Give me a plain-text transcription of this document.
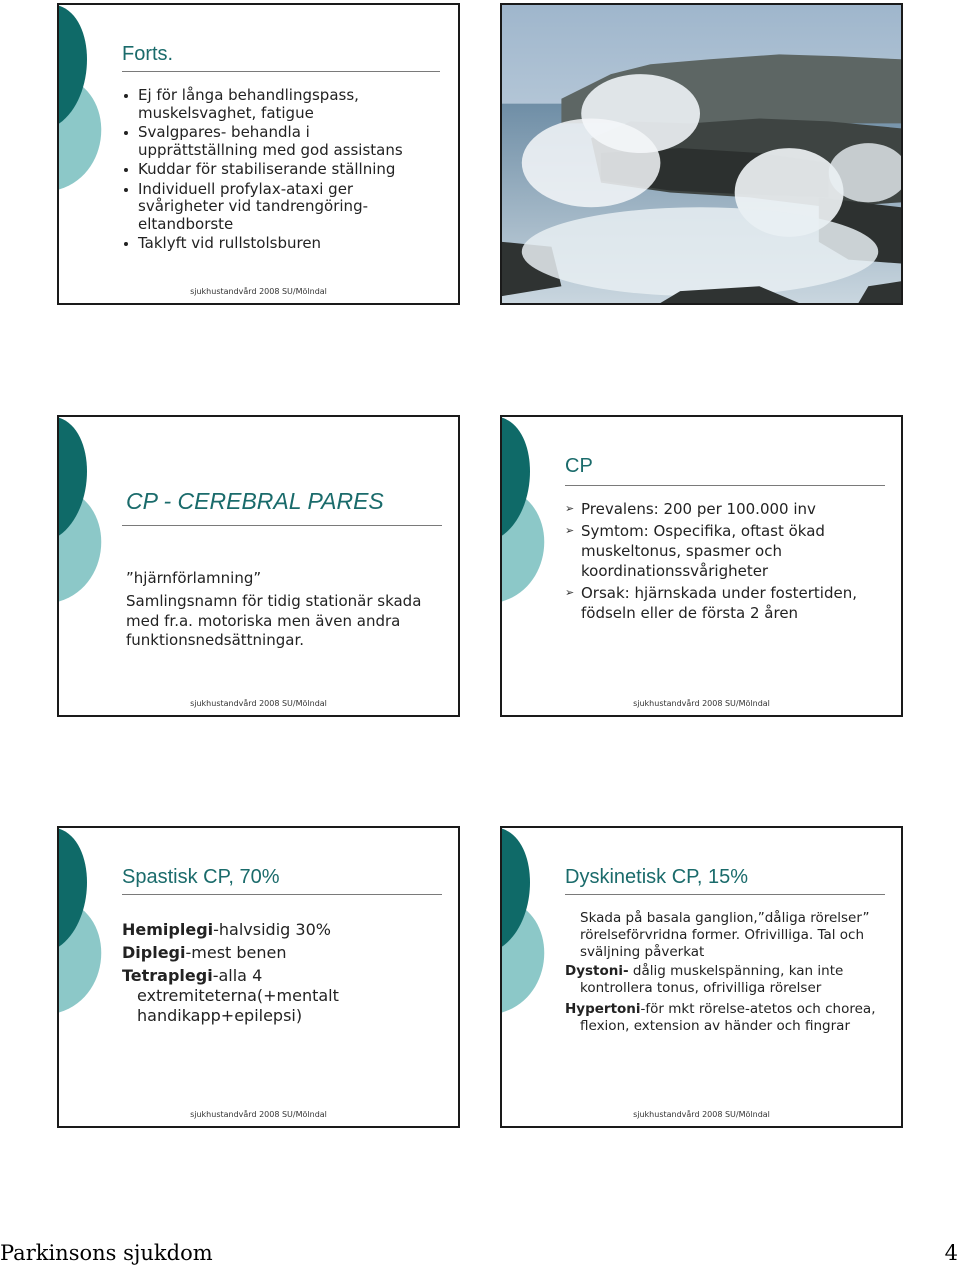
Forts.
Ej för långa behandlingspass, muskelsvaghet, fatigue
Svalgpares- behandla i upprättställning med god assistans
Kuddar för stabiliserande ställning
Individuell profylax-ataxi ger svårigheter vid tandrengöring-eltandborste
Taklyft vid rullstolsburen
sjukhustandvård 2008 SU/Mölndal
CP - CEREBRAL PARES
”hjärnförlamning”
Samlingsnamn för tidig stationär skada med fr.a. motoriska men även andra funktionsnedsättningar.
sjukhustandvård 2008 SU/Mölndal
CP
➢ Prevalens: 200 per 100.000 inv
➢ Symtom: Ospecifika, oftast ökad muskeltonus, spasmer och koordinationssvårigheter
➢ Orsak: hjärnskada under fostertiden, födseln eller de första 2 åren
sjukhustandvård 2008 SU/Mölndal
Spastisk CP, 70%
Hemiplegi-halvsidig 30%
Diplegi-mest benen
Tetraplegi-alla 4 extremiteterna(+mentalt handikapp+epilepsi)
sjukhustandvård 2008 SU/Mölndal
Dyskinetisk CP, 15%
Skada på basala ganglion,”dåliga rörelser” rörelseförvridna former. Ofrivilliga. Tal och sväljning påverkat
Dystoni- dålig muskelspänning, kan inte kontrollera tonus, ofrivilliga rörelser
Hypertoni-för mkt rörelse-atetos och chorea, flexion, extension av händer och fingrar
sjukhustandvård 2008 SU/Mölndal
Parkinsons sjukdom	4
